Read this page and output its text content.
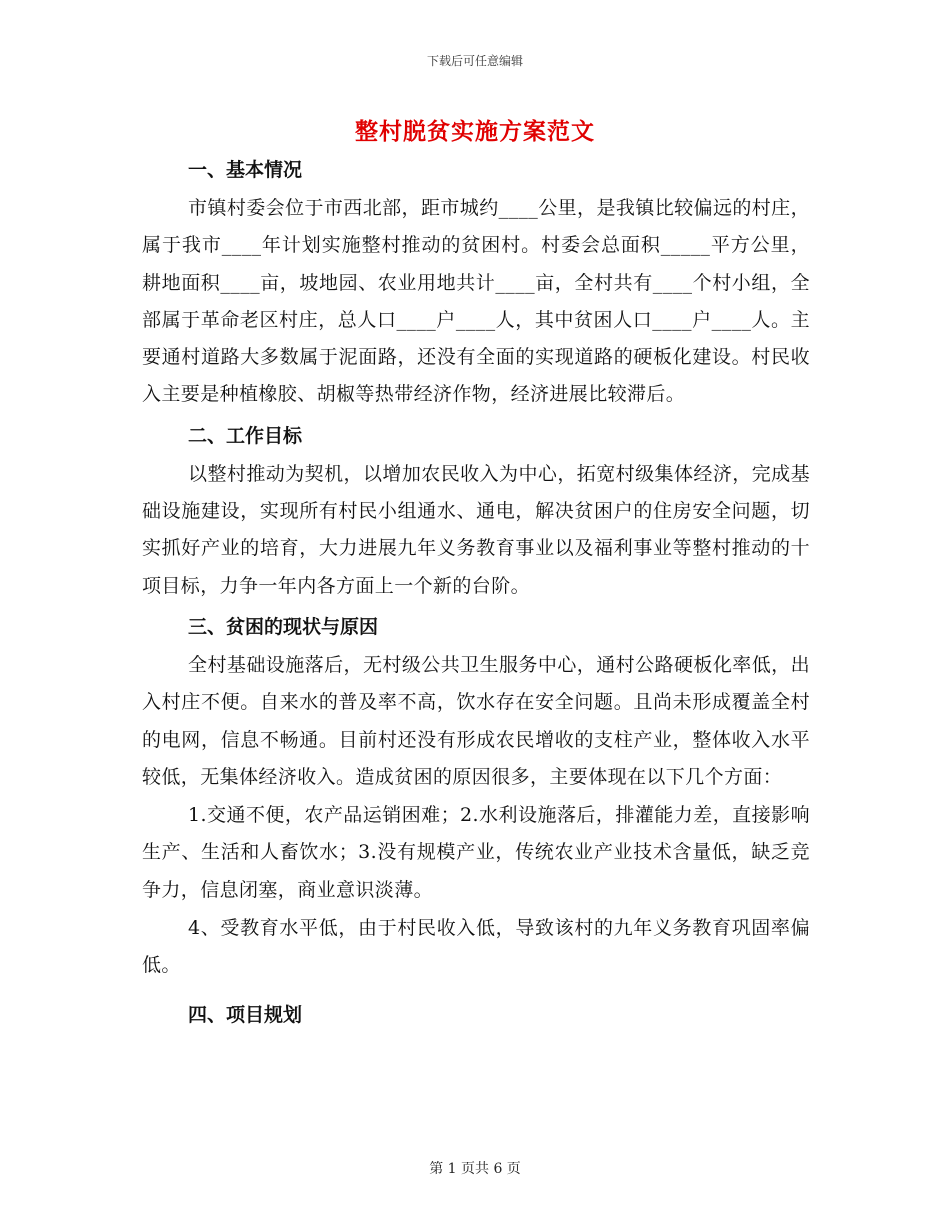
下载后可任意编辑
整村脱贫实施方案范文
一、基本情况

市镇村委会位于市西北部，距市城约____公里，是我镇比较偏远的村庄，属于我市____年计划实施整村推动的贫困村。村委会总面积_____平方公里，耕地面积____亩，坡地园、农业用地共计____亩，全村共有____个村小组，全部属于革命老区村庄，总人口____户____人，其中贫困人口____户____人。主要通村道路大多数属于泥面路，还没有全面的实现道路的硬板化建设。村民收入主要是种植橡胶、胡椒等热带经济作物，经济进展比较滞后。

二、工作目标

以整村推动为契机，以增加农民收入为中心，拓宽村级集体经济，完成基础设施建设，实现所有村民小组通水、通电，解决贫困户的住房安全问题，切实抓好产业的培育，大力进展九年义务教育事业以及福利事业等整村推动的十项目标，力争一年内各方面上一个新的台阶。

三、贫困的现状与原因

全村基础设施落后，无村级公共卫生服务中心，通村公路硬板化率低，出入村庄不便。自来水的普及率不高，饮水存在安全问题。且尚未形成覆盖全村的电网，信息不畅通。目前村还没有形成农民增收的支柱产业，整体收入水平较低，无集体经济收入。造成贫困的原因很多，主要体现在以下几个方面：

1.交通不便，农产品运销困难；2.水利设施落后，排灌能力差，直接影响生产、生活和人畜饮水；3.没有规模产业，传统农业产业技术含量低，缺乏竞争力，信息闭塞，商业意识淡薄。

4、受教育水平低，由于村民收入低，导致该村的九年义务教育巩固率偏低。

四、项目规划
第 1 页共 6 页
